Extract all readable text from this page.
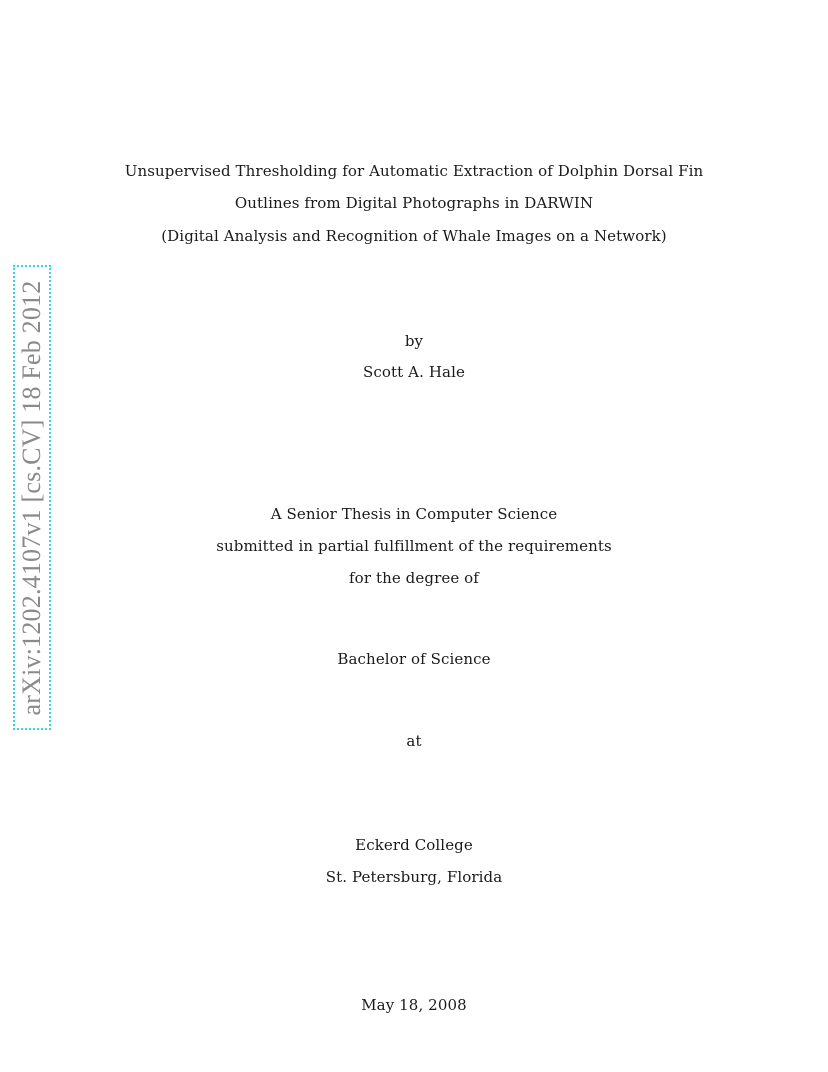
arXiv:1202.4107v1 [cs.CV] 18 Feb 2012
Unsupervised Thresholding for Automatic Extraction of Dolphin Dorsal Fin
Outlines from Digital Photographs in DARWIN
(Digital Analysis and Recognition of Whale Images on a Network)
by
Scott A. Hale
A Senior Thesis in Computer Science
submitted in partial fulfillment of the requirements
for the degree of
Bachelor of Science
at
Eckerd College
St. Petersburg, Florida
May 18, 2008
